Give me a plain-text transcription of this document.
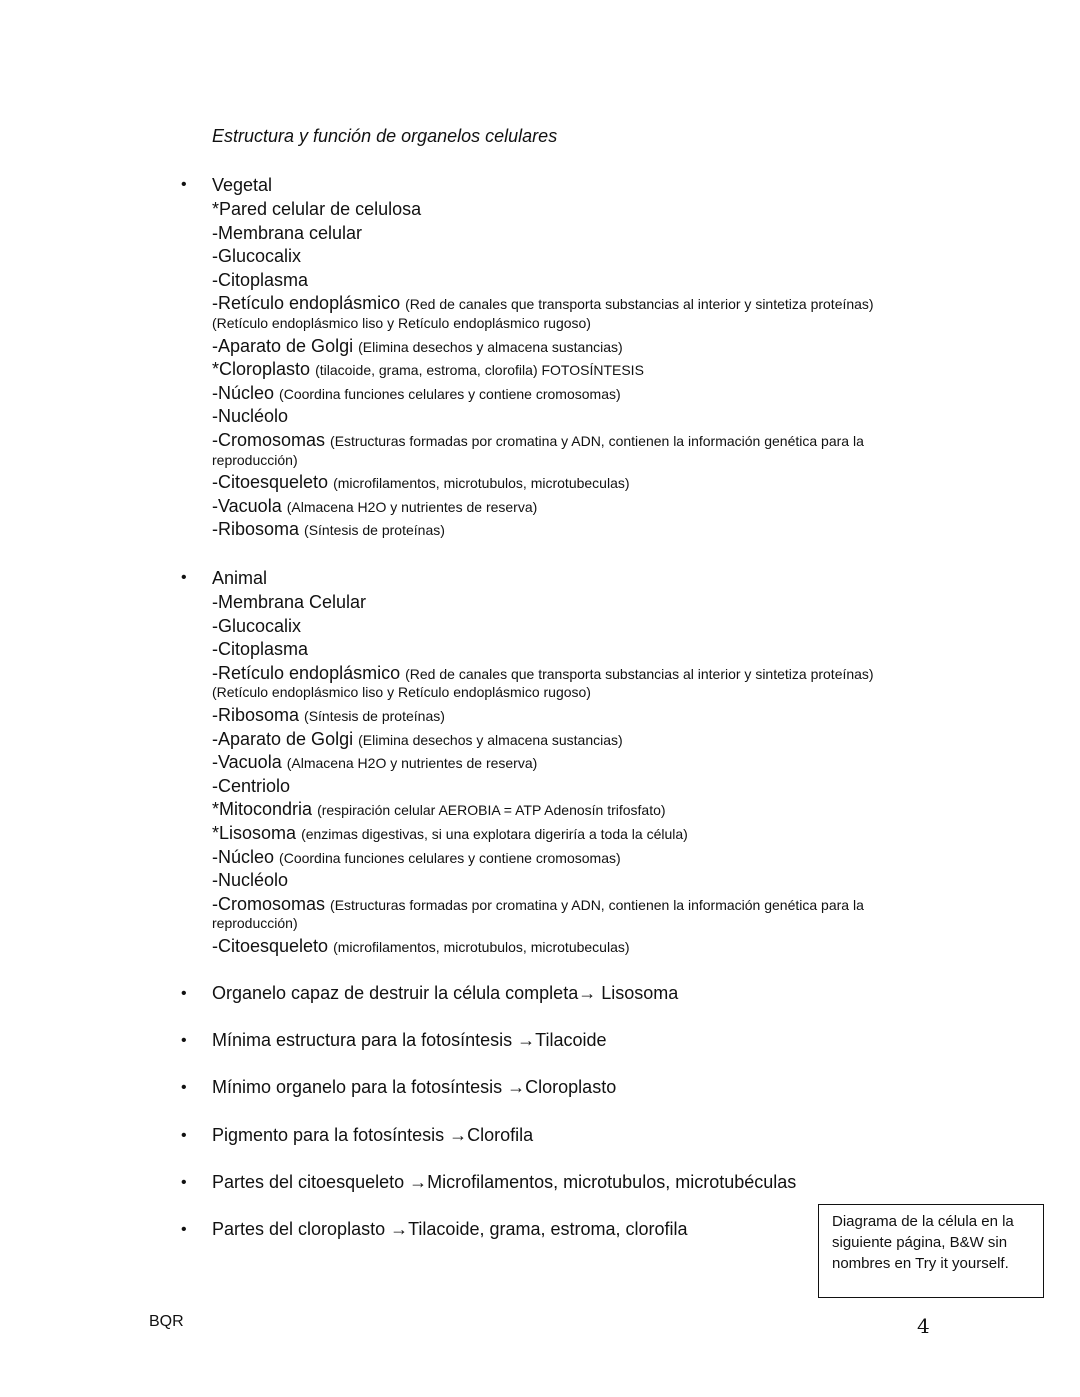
Estructura y función de organelos celulares
• Vegetal
*Pared celular de celulosa
-Membrana celular
-Glucocalix
-Citoplasma
-Retículo endoplásmico (Red de canales que transporta substancias al interior y sintetiza proteínas)
(Retículo endoplásmico liso y Retículo endoplásmico rugoso)
-Aparato de Golgi (Elimina desechos y almacena sustancias)
*Cloroplasto (tilacoide, grama, estroma, clorofila) FOTOSÍNTESIS
-Núcleo (Coordina funciones celulares y contiene cromosomas)
-Nucléolo
-Cromosomas (Estructuras formadas por cromatina y ADN, contienen la información genética para la
reproducción)
-Citoesqueleto (microfilamentos, microtubulos, microtubeculas)
-Vacuola (Almacena H2O y nutrientes de reserva)
-Ribosoma (Síntesis de proteínas)
• Animal
-Membrana Celular
-Glucocalix
-Citoplasma
-Retículo endoplásmico (Red de canales que transporta substancias al interior y sintetiza proteínas)
(Retículo endoplásmico liso y Retículo endoplásmico rugoso)
-Ribosoma (Síntesis de proteínas)
-Aparato de Golgi (Elimina desechos y almacena sustancias)
-Vacuola (Almacena H2O y nutrientes de reserva)
-Centriolo
*Mitocondria (respiración celular AEROBIA = ATP Adenosín trifosfato)
*Lisosoma (enzimas digestivas, si una explotara digeriría a toda la célula)
-Núcleo (Coordina funciones celulares y contiene cromosomas)
-Nucléolo
-Cromosomas (Estructuras formadas por cromatina y ADN, contienen la información genética para la
reproducción)
-Citoesqueleto (microfilamentos, microtubulos, microtubeculas)
• Organelo capaz de destruir la célula completa→ Lisosoma
• Mínima estructura para la fotosíntesis →Tilacoide
• Mínimo organelo para la fotosíntesis →Cloroplasto
• Pigmento para la fotosíntesis →Clorofila
• Partes del citoesqueleto →Microfilamentos, microtubulos, microtubéculas
• Partes del cloroplasto →Tilacoide, grama, estroma, clorofila	Diagrama de la célula en la siguiente página, B&W sin nombres en Try it yourself.
BQR	4
